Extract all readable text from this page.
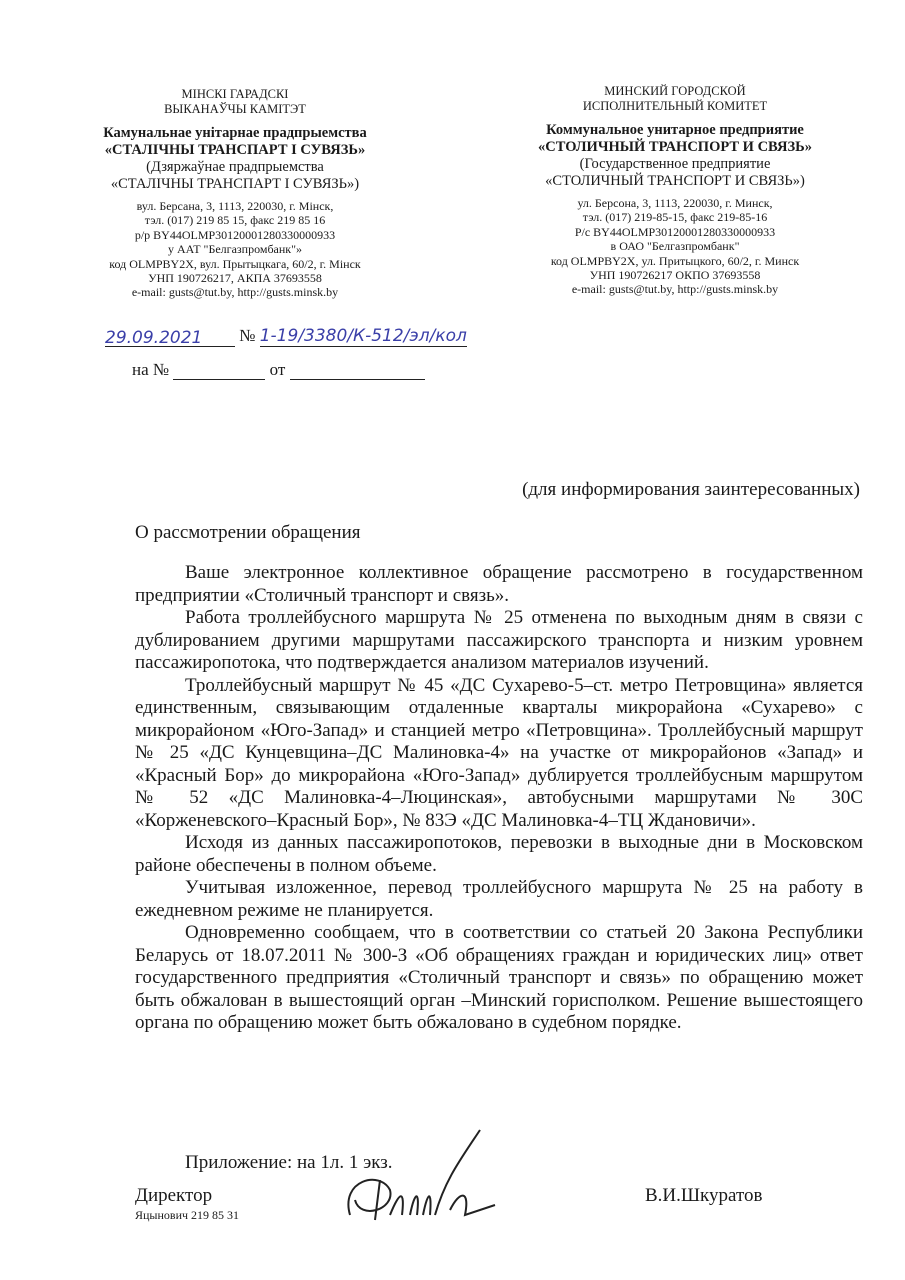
МІНСКІ ГАРАДСКІ
ВЫКАНАЎЧЫ КАМІТЭТ
Камунальнае унітарнае прадпрыемства
«СТАЛІЧНЫ ТРАНСПАРТ І СУВЯЗЬ»
(Дзяржаўнае прадпрыемства
«СТАЛІЧНЫ ТРАНСПАРТ І СУВЯЗЬ»)
вул. Берсана, 3, 1113, 220030, г. Мінск,
тэл. (017) 219 85 15, факс 219 85 16
р/р BY44OLMP30120001280330000933
у ААТ "Белгазпромбанк"»
код OLMPBY2X, вул. Прытыцкага, 60/2, г. Мінск
УНП 190726217, АКПА 37693558
e-mail: gusts@tut.by, http://gusts.minsk.by
МИНСКИЙ ГОРОДСКОЙ
ИСПОЛНИТЕЛЬНЫЙ КОМИТЕТ
Коммунальное унитарное предприятие
«СТОЛИЧНЫЙ ТРАНСПОРТ И СВЯЗЬ»
(Государственное предприятие
«СТОЛИЧНЫЙ ТРАНСПОРТ И СВЯЗЬ»)
ул. Берсона, 3, 1113, 220030, г. Минск,
тэл. (017) 219-85-15, факс 219-85-16
Р/с BY44OLMP30120001280330000933
в ОАО "Белгазпромбанк"
код OLMPBY2X, ул. Притыцкого, 60/2, г. Минск
УНП 190726217 ОКПО 37693558
e-mail: gusts@tut.by, http://gusts.minsk.by
29.09.2021 № 1-19/3380/К-512/эл/кол
на №	от
(для информирования заинтересованных)
О рассмотрении обращения

Ваше электронное коллективное обращение рассмотрено в государственном предприятии «Столичный транспорт и связь».

Работа троллейбусного маршрута № 25 отменена по выходным дням в связи с дублированием другими маршрутами пассажирского транспорта и низким уровнем пассажиропотока, что подтверждается анализом материалов изучений.

Троллейбусный маршрут № 45 «ДС Сухарево-5–ст. метро Петровщина» является единственным, связывающим отдаленные кварталы микрорайона «Сухарево» с микрорайоном «Юго-Запад» и станцией метро «Петровщина». Троллейбусный маршрут № 25 «ДС Кунцевщина–ДС Малиновка-4» на участке от микрорайонов «Запад» и «Красный Бор» до микрорайона «Юго-Запад» дублируется троллейбусным маршрутом № 52 «ДС Малиновка-4–Люцинская», автобусными маршрутами № 30С «Корженевского–Красный Бор», № 83Э «ДС Малиновка-4–ТЦ Ждановичи».

Исходя из данных пассажиропотоков, перевозки в выходные дни в Московском районе обеспечены в полном объеме.

Учитывая изложенное, перевод троллейбусного маршрута № 25 на работу в ежедневном режиме не планируется.

Одновременно сообщаем, что в соответствии со статьей 20 Закона Республики Беларусь от 18.07.2011 № 300-З «Об обращениях граждан и юридических лиц» ответ государственного предприятия «Столичный транспорт и связь» по обращению может быть обжалован в вышестоящий орган –Минский горисполком. Решение вышестоящего органа по обращению может быть обжаловано в судебном порядке.

Приложение: на 1л. 1 экз.
Директор
Яцынович 219 85 31
В.И.Шкуратов
